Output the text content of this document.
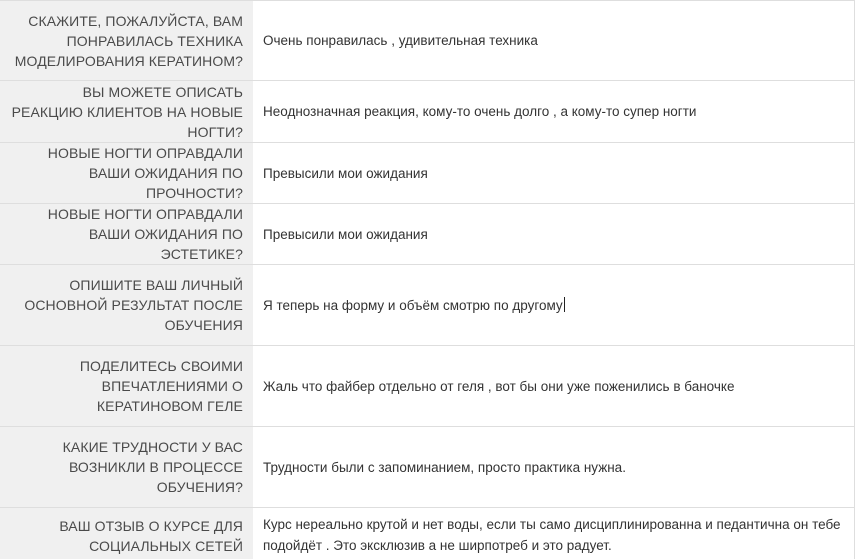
СКАЖИТЕ, ПОЖАЛУЙСТА, ВАМ ПОНРАВИЛАСЬ ТЕХНИКА МОДЕЛИРОВАНИЯ КЕРАТИНОМ?	Очень понравилась , удивительная техника
ВЫ МОЖЕТЕ ОПИСАТЬ РЕАКЦИЮ КЛИЕНТОВ НА НОВЫЕ НОГТИ?	Неоднозначная реакция, кому-то очень долго , а кому-то супер ногти
НОВЫЕ НОГТИ ОПРАВДАЛИ ВАШИ ОЖИДАНИЯ ПО ПРОЧНОСТИ?	Превысили мои ожидания
НОВЫЕ НОГТИ ОПРАВДАЛИ ВАШИ ОЖИДАНИЯ ПО ЭСТЕТИКЕ?	Превысили мои ожидания
ОПИШИТЕ ВАШ ЛИЧНЫЙ ОСНОВНОЙ РЕЗУЛЬТАТ ПОСЛЕ ОБУЧЕНИЯ	Я теперь на форму и объём смотрю по другому
ПОДЕЛИТЕСЬ СВОИМИ ВПЕЧАТЛЕНИЯМИ О КЕРАТИНОВОМ ГЕЛЕ	Жаль что файбер отдельно от геля , вот бы они уже поженились в баночке
КАКИЕ ТРУДНОСТИ У ВАС ВОЗНИКЛИ В ПРОЦЕССЕ ОБУЧЕНИЯ?	Трудности были с запоминанием, просто практика нужна.
ВАШ ОТЗЫВ О КУРСЕ ДЛЯ СОЦИАЛЬНЫХ СЕТЕЙ	Курс нереально крутой и нет воды, если ты само дисциплинированна и педантична он тебе подойдёт . Это эксклюзив а не ширпотреб и это радует.
